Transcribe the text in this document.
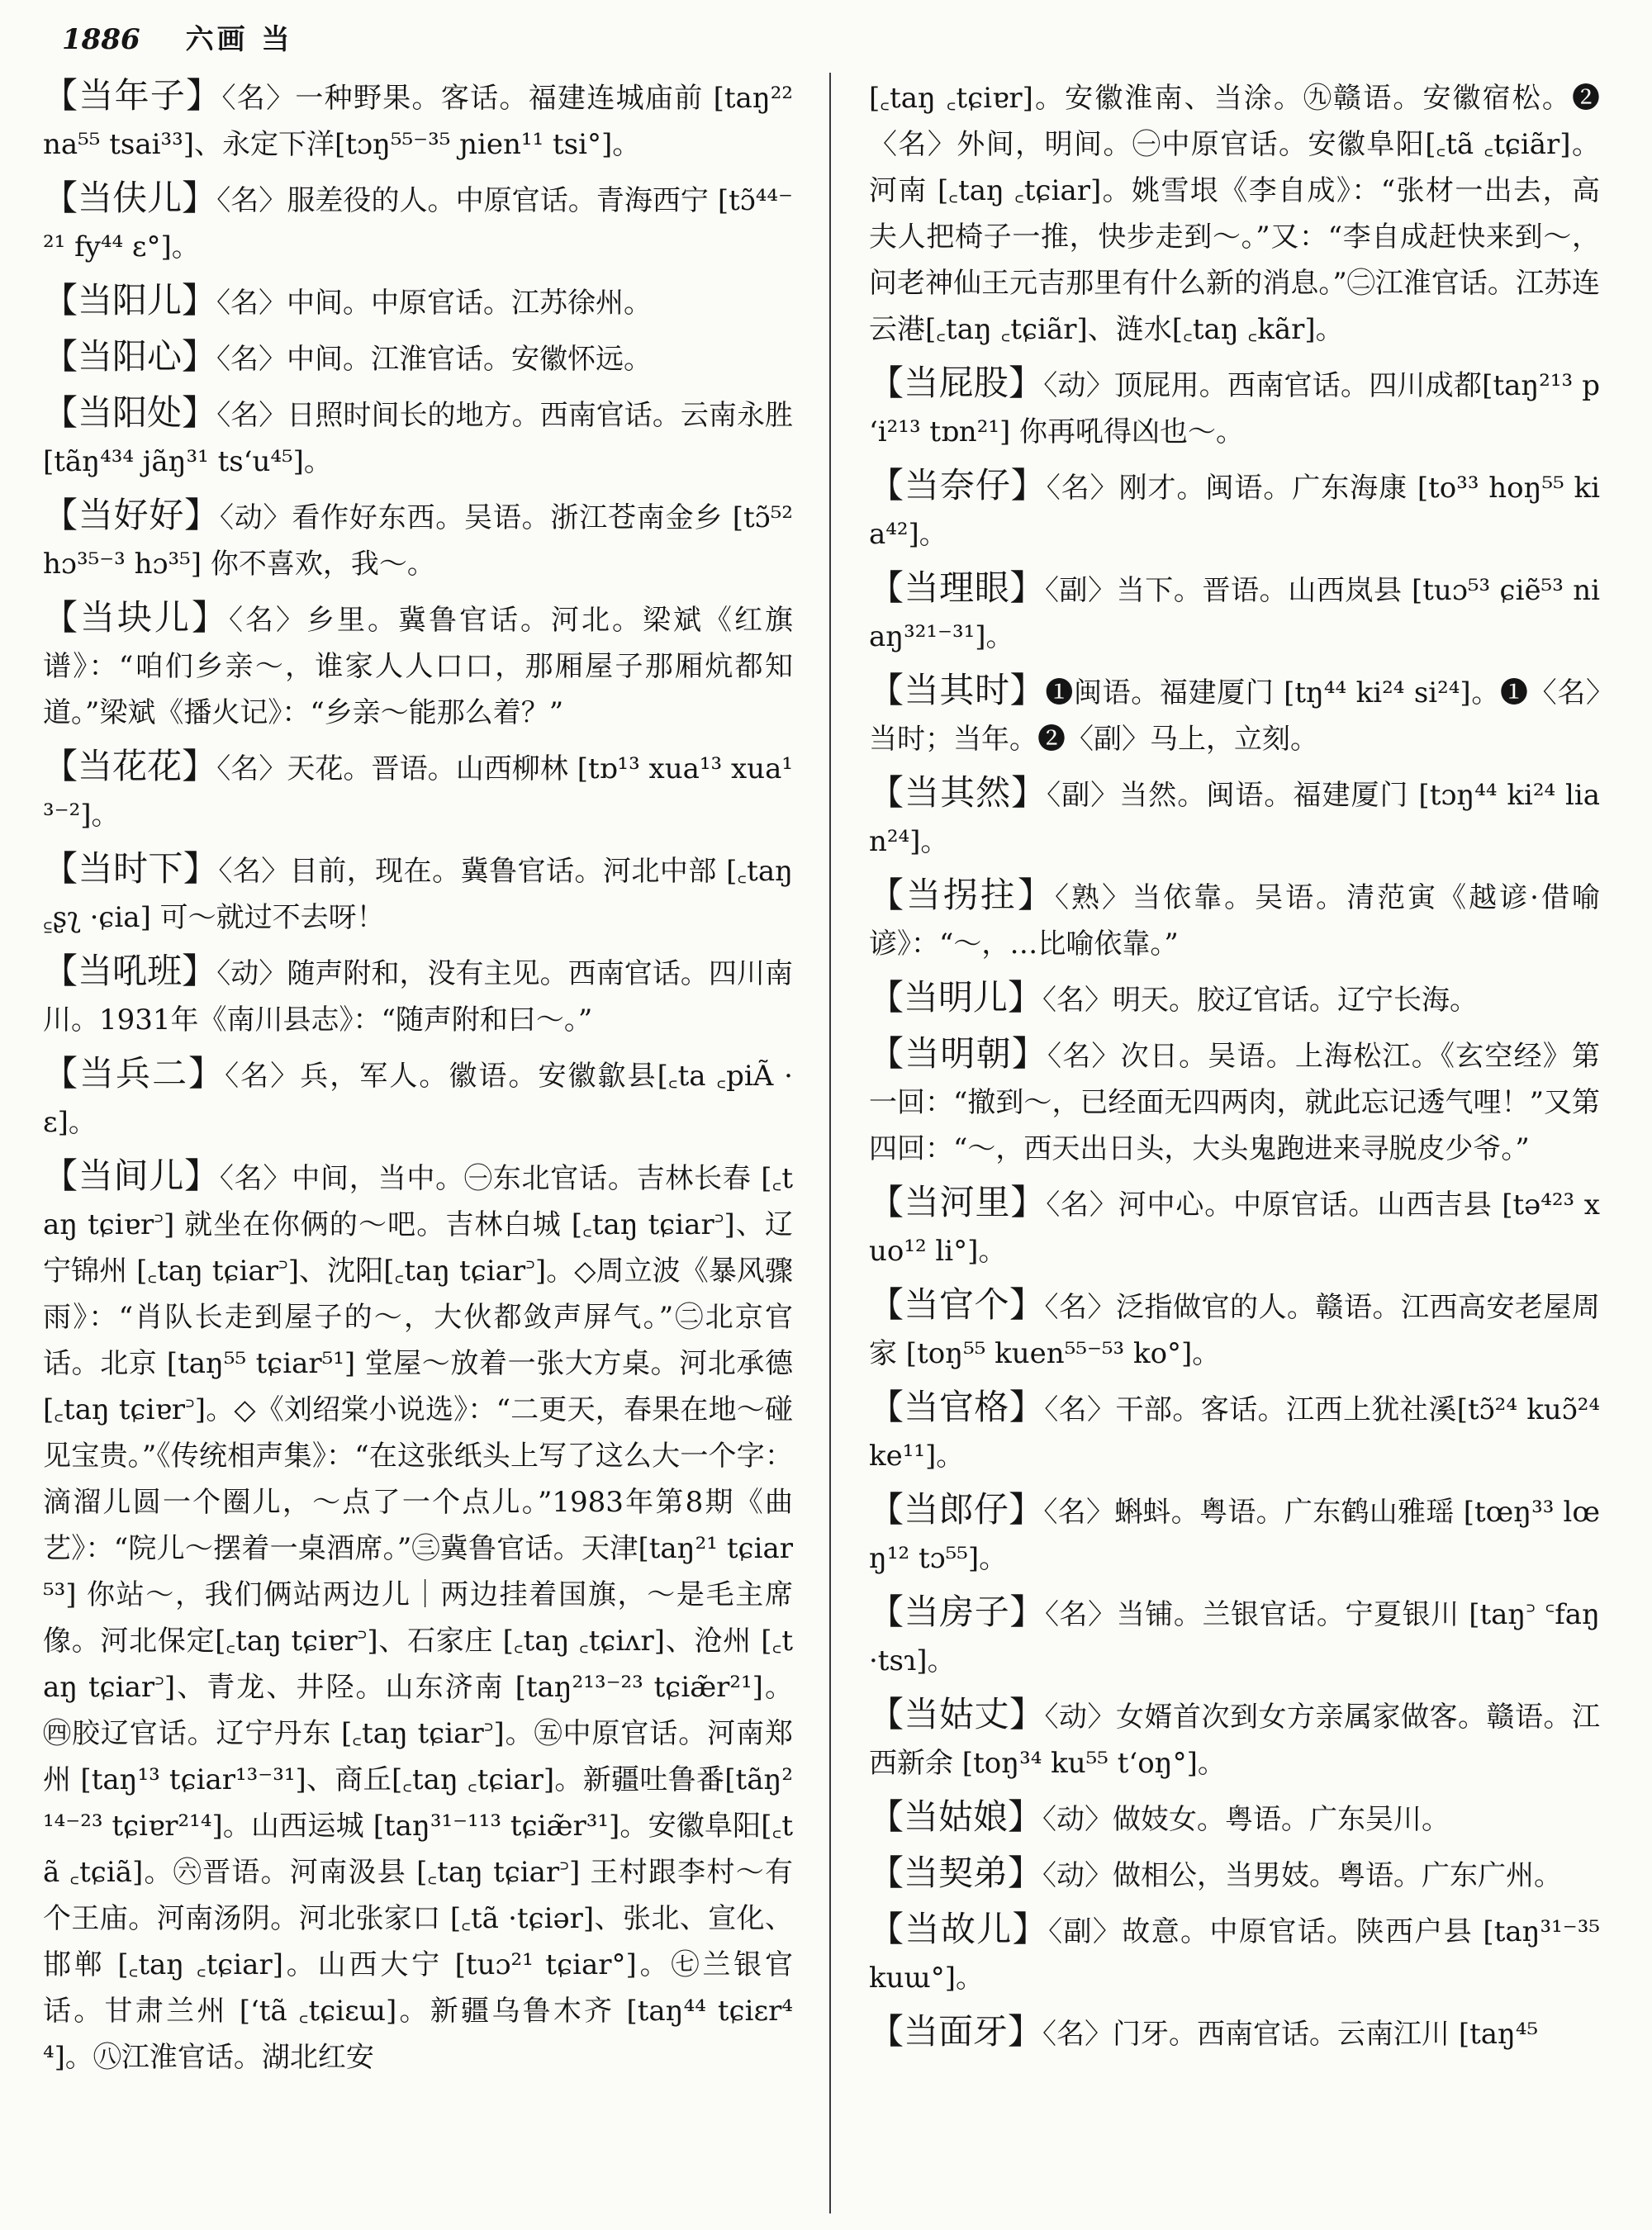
1886 六画 当

【当年子】〈名〉一种野果。客话。福建连城庙前 [taŋ²² na⁵⁵ tsai³³]、永定下洋[tɔŋ⁵⁵⁻³⁵ ɲien¹¹ tsi°]。

【当伕儿】〈名〉服差役的人。中原官话。青海西宁 [tɔ̃⁴⁴⁻²¹ fy⁴⁴ ɛ°]。

【当阳儿】〈名〉中间。中原官话。江苏徐州。

【当阳心】〈名〉中间。江淮官话。安徽怀远。

【当阳处】〈名〉日照时间长的地方。西南官话。云南永胜 [tãŋ⁴³⁴ jãŋ³¹ tsʻu⁴⁵]。

【当好好】〈动〉看作好东西。吴语。浙江苍南金乡 [tɔ̃⁵² hɔ³⁵⁻³ hɔ³⁵] 你不喜欢，我～。

【当块儿】〈名〉乡里。冀鲁官话。河北。梁斌《红旗谱》：“咱们乡亲～，谁家人人口口，那厢屋子那厢炕都知道。”梁斌《播火记》：“乡亲～能那么着？”

【当花花】〈名〉天花。晋语。山西柳林 [tɒ¹³ xua¹³ xua¹³⁻²]。

【当时下】〈名〉目前，现在。冀鲁官话。河北中部 [꜀taŋ ꜁ʂʅ ·ɕia] 可～就过不去呀！

【当吼班】〈动〉随声附和，没有主见。西南官话。四川南川。1931年《南川县志》：“随声附和曰～。”

【当兵二】〈名〉兵，军人。徽语。安徽歙县[꜀ta ꜀piÃ ·ɛ]。

【当间儿】〈名〉中间，当中。㊀东北官话。吉林长春 [꜀taŋ tɕiɐr꜄] 就坐在你俩的～吧。吉林白城 [꜀taŋ tɕiar꜄]、辽宁锦州 [꜀taŋ tɕiar꜄]、沈阳[꜀taŋ tɕiar꜄]。◇周立波《暴风骤雨》：“肖队长走到屋子的～，大伙都敛声屏气。”㊁北京官话。北京 [taŋ⁵⁵ tɕiar⁵¹] 堂屋～放着一张大方桌。河北承德 [꜀taŋ tɕiɐr꜄]。◇《刘绍棠小说选》：“二更天，春果在地～碰见宝贵。”《传统相声集》：“在这张纸头上写了这么大一个字：滴溜儿圆一个圈儿，～点了一个点儿。”1983年第8期《曲艺》：“院儿～摆着一桌酒席。”㊂冀鲁官话。天津[taŋ²¹ tɕiar⁵³] 你站～，我们俩站两边儿｜两边挂着国旗，～是毛主席像。河北保定[꜀taŋ tɕiɐr꜄]、石家庄 [꜀taŋ ꜀tɕiʌr]、沧州 [꜀taŋ tɕiar꜄]、青龙、井陉。山东济南 [taŋ²¹³⁻²³ tɕiæ̃r²¹]。㊃胶辽官话。辽宁丹东 [꜀taŋ tɕiar꜄]。㊄中原官话。河南郑州 [taŋ¹³ tɕiar¹³⁻³¹]、商丘[꜀taŋ ꜀tɕiar]。新疆吐鲁番[tãŋ²¹⁴⁻²³ tɕiɐr²¹⁴]。山西运城 [taŋ³¹⁻¹¹³ tɕiæ̃r³¹]。安徽阜阳[꜀tã ꜀tɕiã]。㊅晋语。河南汲县 [꜀taŋ tɕiar꜄] 王村跟李村～有个王庙。河南汤阴。河北张家口 [꜀tã ·tɕiər]、张北、宣化、邯郸 [꜀taŋ ꜀tɕiar]。山西大宁 [tuɔ²¹ tɕiar°]。㊆兰银官话。甘肃兰州 [ʻtã ꜀tɕiɛɯ]。新疆乌鲁木齐 [taŋ⁴⁴ tɕiɛr⁴⁴]。㊇江淮官话。湖北红安

[꜀taŋ ꜀tɕiɐr]。安徽淮南、当涂。㊈赣语。安徽宿松。❷〈名〉外间，明间。㊀中原官话。安徽阜阳[꜀tã ꜀tɕiãr]。河南 [꜀taŋ ꜀tɕiar]。姚雪垠《李自成》：“张材一出去，高夫人把椅子一推，快步走到～。”又：“李自成赶快来到～，问老神仙王元吉那里有什么新的消息。”㊁江淮官话。江苏连云港[꜀taŋ ꜀tɕiãr]、涟水[꜀taŋ ꜀kãr]。

【当屁股】〈动〉顶屁用。西南官话。四川成都[taŋ²¹³ pʻi²¹³ tɒn²¹] 你再吼得凶也～。

【当奈仔】〈名〉刚才。闽语。广东海康 [to³³ hoŋ⁵⁵ kia⁴²]。

【当理眼】〈副〉当下。晋语。山西岚县 [tuɔ⁵³ ɕiẽ⁵³ niaŋ³²¹⁻³¹]。

【当其时】❶闽语。福建厦门 [tŋ⁴⁴ ki²⁴ si²⁴]。❶〈名〉当时；当年。❷〈副〉马上，立刻。

【当其然】〈副〉当然。闽语。福建厦门 [tɔŋ⁴⁴ ki²⁴ lian²⁴]。

【当拐拄】〈熟〉当依靠。吴语。清范寅《越谚·借喻谚》：“～，…比喻依靠。”

【当明儿】〈名〉明天。胶辽官话。辽宁长海。

【当明朝】〈名〉次日。吴语。上海松江。《玄空经》第一回：“撤到～，已经面无四两肉，就此忘记透气哩！”又第四回：“～，西天出日头，大头鬼跑进来寻脱皮少爷。”

【当河里】〈名〉河中心。中原官话。山西吉县 [tə⁴²³ xuo¹² li°]。

【当官个】〈名〉泛指做官的人。赣语。江西高安老屋周家 [toŋ⁵⁵ kuen⁵⁵⁻⁵³ ko°]。

【当官格】〈名〉干部。客话。江西上犹社溪[tɔ̃²⁴ kuɔ̃²⁴ ke¹¹]。

【当郎仔】〈名〉蝌蚪。粤语。广东鹤山雅瑶 [tœŋ³³ lœŋ¹² tɔ⁵⁵]。

【当房子】〈名〉当铺。兰银官话。宁夏银川 [taŋ꜄ ꜂faŋ ·tsɿ]。

【当姑丈】〈动〉女婿首次到女方亲属家做客。赣语。江西新余 [toŋ³⁴ ku⁵⁵ tʻoŋ°]。

【当姑娘】〈动〉做妓女。粤语。广东吴川。

【当契弟】〈动〉做相公，当男妓。粤语。广东广州。

【当故儿】〈副〉故意。中原官话。陕西户县 [taŋ³¹⁻³⁵ kuɯ°]。

【当面牙】〈名〉门牙。西南官话。云南江川 [taŋ⁴⁵
